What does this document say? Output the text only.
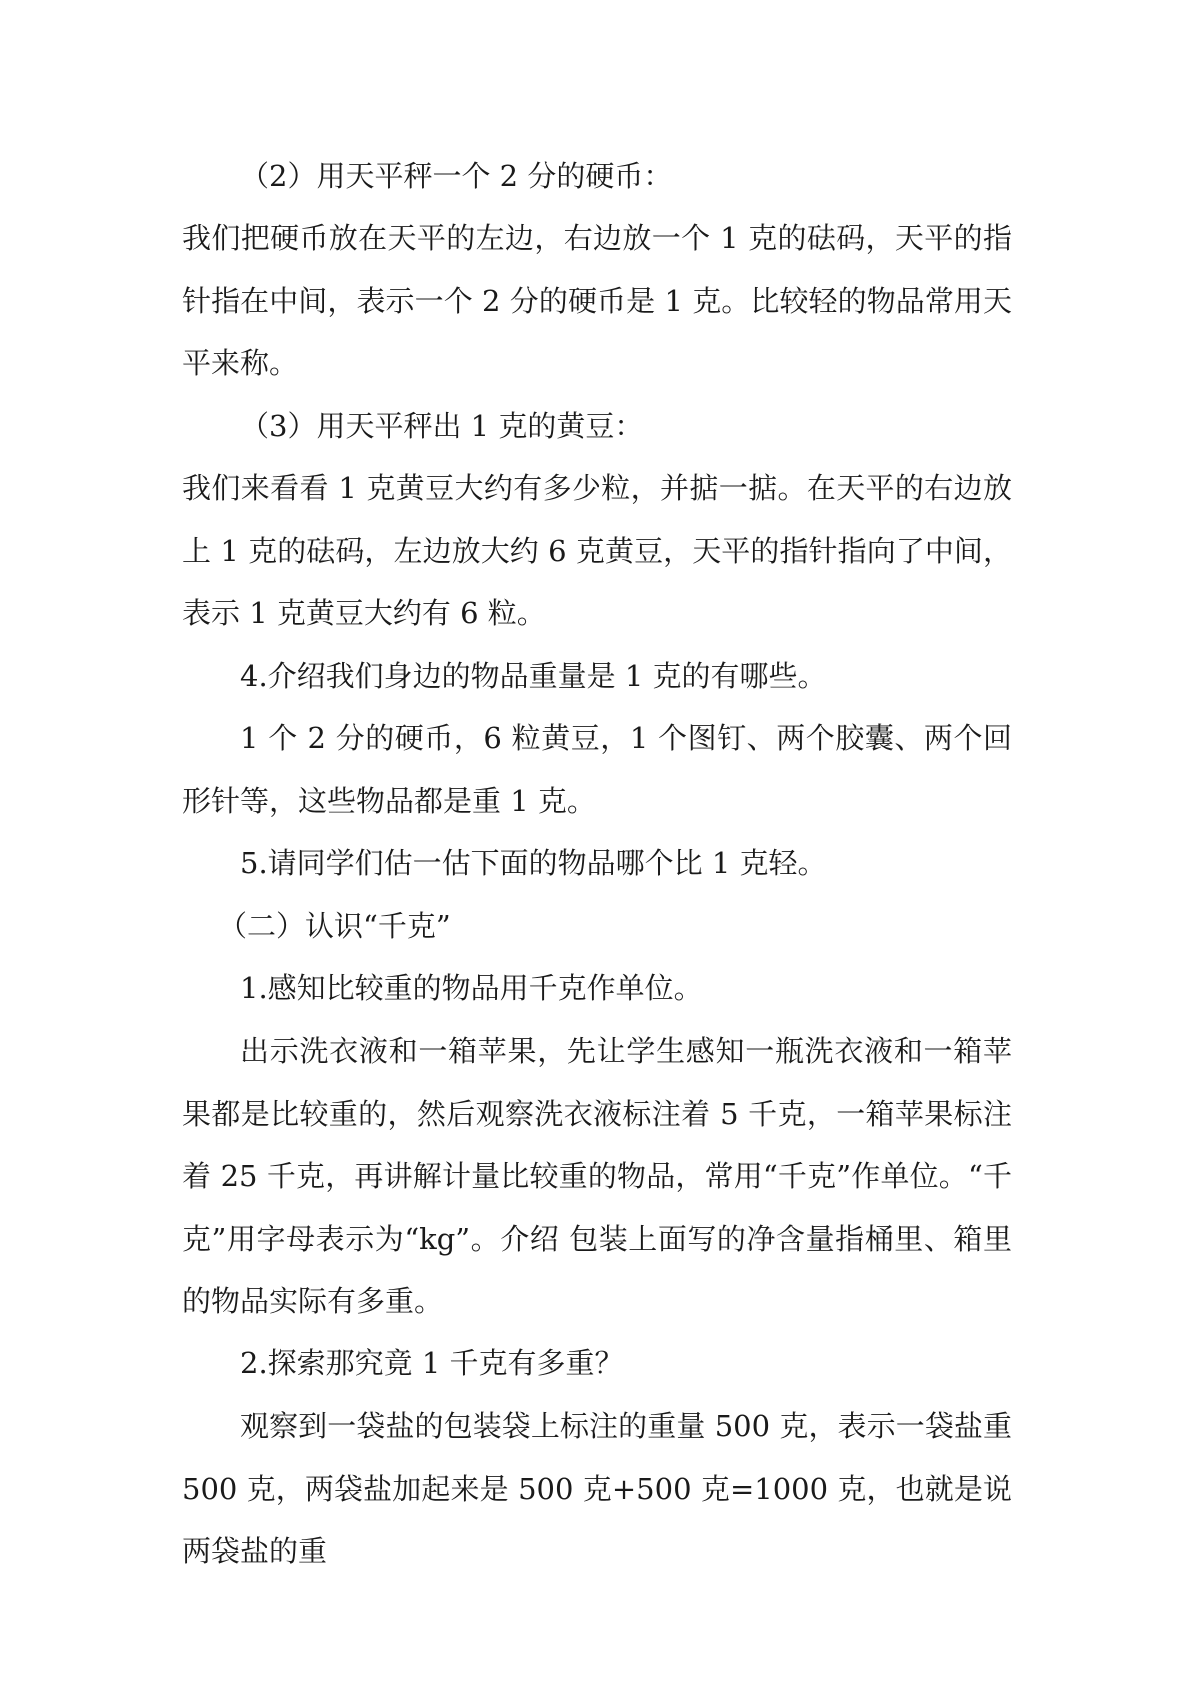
（2）用天平秤一个 2 分的硬币：

我们把硬币放在天平的左边，右边放一个 1 克的砝码，天平的指针指在中间，表示一个 2 分的硬币是 1 克。比较轻的物品常用天平来称。

（3）用天平秤出 1 克的黄豆：

我们来看看 1 克黄豆大约有多少粒，并掂一掂。在天平的右边放上 1 克的砝码，左边放大约 6 克黄豆，天平的指针指向了中间，表示 1 克黄豆大约有 6 粒。

4.介绍我们身边的物品重量是 1 克的有哪些。

1 个 2 分的硬币，6 粒黄豆，1 个图钉、两个胶囊、两个回形针等，这些物品都是重 1 克。

5.请同学们估一估下面的物品哪个比 1 克轻。

（二）认识“千克”

1.感知比较重的物品用千克作单位。

出示洗衣液和一箱苹果，先让学生感知一瓶洗衣液和一箱苹果都是比较重的，然后观察洗衣液标注着 5 千克，一箱苹果标注着 25 千克，再讲解计量比较重的物品，常用“千克”作单位。“千克”用字母表示为“kg”。介绍 包装上面写的净含量指桶里、箱里的物品实际有多重。

2.探索那究竟 1 千克有多重？

观察到一袋盐的包装袋上标注的重量 500 克，表示一袋盐重 500 克，两袋盐加起来是 500 克+500 克=1000 克，也就是说两袋盐的重
